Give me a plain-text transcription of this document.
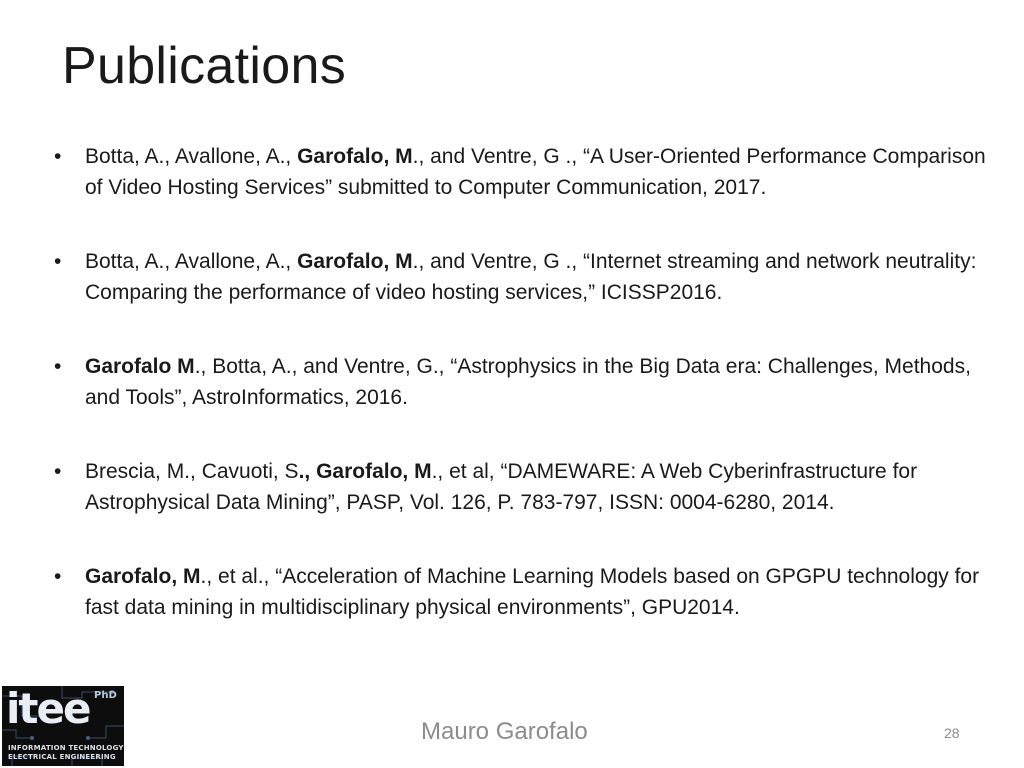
Publications
• Botta, A., Avallone, A., Garofalo, M., and Ventre, G ., “A User-Oriented Performance Comparison of Video Hosting Services” submitted to Computer Communication, 2017.
• Botta, A., Avallone, A., Garofalo, M., and Ventre, G ., “Internet streaming and network neutrality: Comparing the performance of video hosting services,” ICISSP2016.
• Garofalo M., Botta, A., and Ventre, G., “Astrophysics in the Big Data era: Challenges, Methods, and Tools”, AstroInformatics, 2016.
• Brescia, M., Cavuoti, S., Garofalo, M., et al, “DAMEWARE: A Web Cyberinfrastructure for Astrophysical Data Mining”, PASP, Vol. 126, P. 783-797, ISSN: 0004-6280, 2014.
• Garofalo, M., et al., “Acceleration of Machine Learning Models based on GPGPU technology for fast data mining in multidisciplinary physical environments”, GPU2014.
itee PhD
INFORMATION TECHNOLOGY
ELECTRICAL ENGINEERING
Mauro Garofalo	28
